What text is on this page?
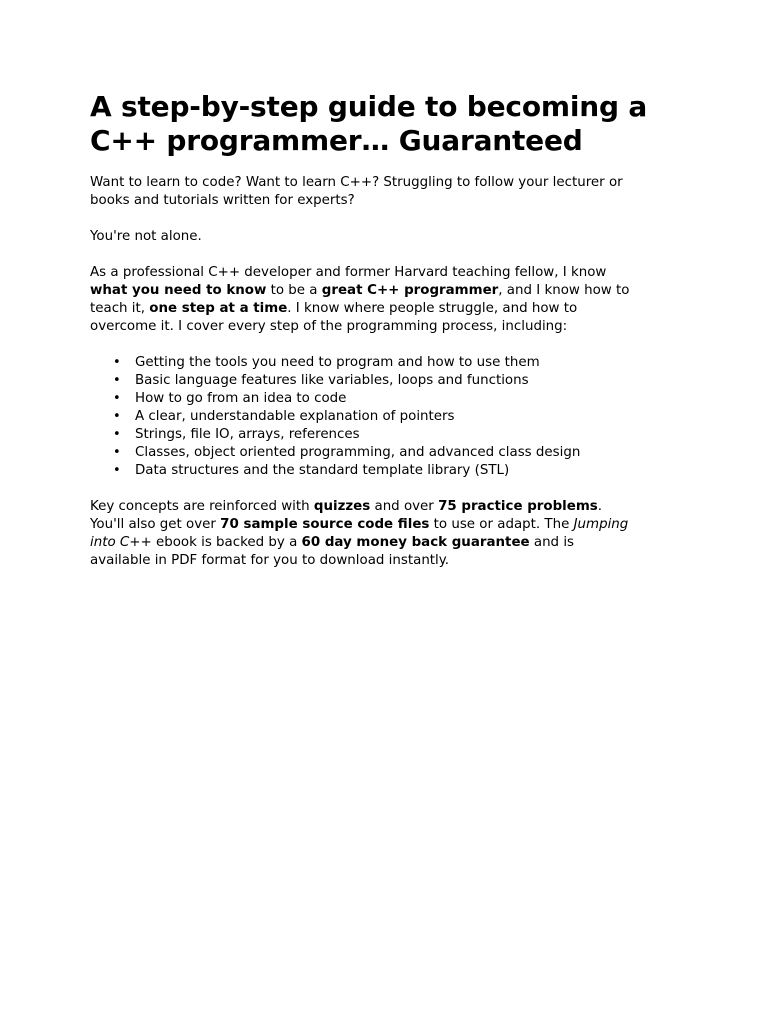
A step-by-step guide to becoming a
C++ programmer… Guaranteed

Want to learn to code? Want to learn C++? Struggling to follow your lecturer or
books and tutorials written for experts?

You're not alone.

As a professional C++ developer and former Harvard teaching fellow, I know
what you need to know to be a great C++ programmer, and I know how to
teach it, one step at a time. I know where people struggle, and how to
overcome it. I cover every step of the programming process, including:

• Getting the tools you need to program and how to use them
• Basic language features like variables, loops and functions
• How to go from an idea to code
• A clear, understandable explanation of pointers
• Strings, file IO, arrays, references
• Classes, object oriented programming, and advanced class design
• Data structures and the standard template library (STL)

Key concepts are reinforced with quizzes and over 75 practice problems.
You'll also get over 70 sample source code files to use or adapt. The Jumping
into C++ ebook is backed by a 60 day money back guarantee and is
available in PDF format for you to download instantly.
